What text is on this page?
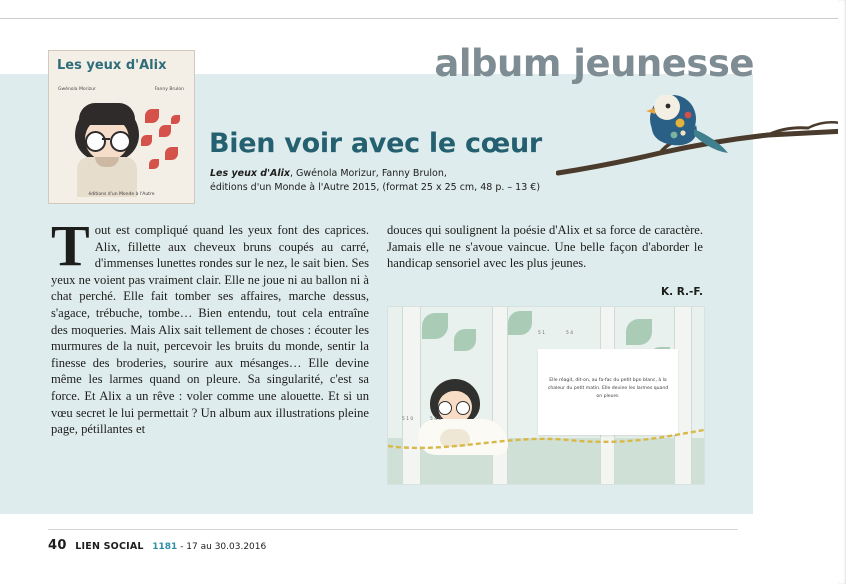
album jeunesse
Les yeux d'Alix
Gwénola Morizur	Fanny Brulon
éditions d'un Monde à l'Autre
Bien voir avec le cœur
Les yeux d'Alix, Gwénola Morizur, Fanny Brulon,
éditions d'un Monde à l'Autre 2015, (format 25 x 25 cm, 48 p. – 13 €)
Tout est compliqué quand les yeux font des caprices. Alix, fillette aux cheveux bruns coupés au carré, d'immenses lunettes rondes sur le nez, le sait bien. Ses yeux ne voient pas vraiment clair. Elle ne joue ni au ballon ni à chat perché. Elle fait tomber ses affaires, marche dessus, s'agace, trébuche, tombe… Bien entendu, tout cela entraîne des moqueries. Mais Alix sait tellement de choses : écouter les murmures de la nuit, percevoir les bruits du monde, sentir la finesse des broderies, sourire aux mésanges… Elle devine même les larmes quand on pleure. Sa singularité, c'est sa force. Et Alix a un rêve : voler comme une alouette. Et si un vœu secret le lui permettait ? Un album aux illustrations pleine page, pétillantes et
douces qui soulignent la poésie d'Alix et sa force de caractère. Jamais elle ne s'avoue vaincue. Une belle façon d'aborder le handicap sensoriel avec les plus jeunes.
K. R.-F.
Elle réagit, dit-on, au fa-fac du petit bpn blanc, à la chaleur du petit matin. Elle devine les larmes quand on pleure.
5 1	5 4
5 1 0	5 4 0
40 LIEN SOCIAL 1181 - 17 au 30.03.2016
